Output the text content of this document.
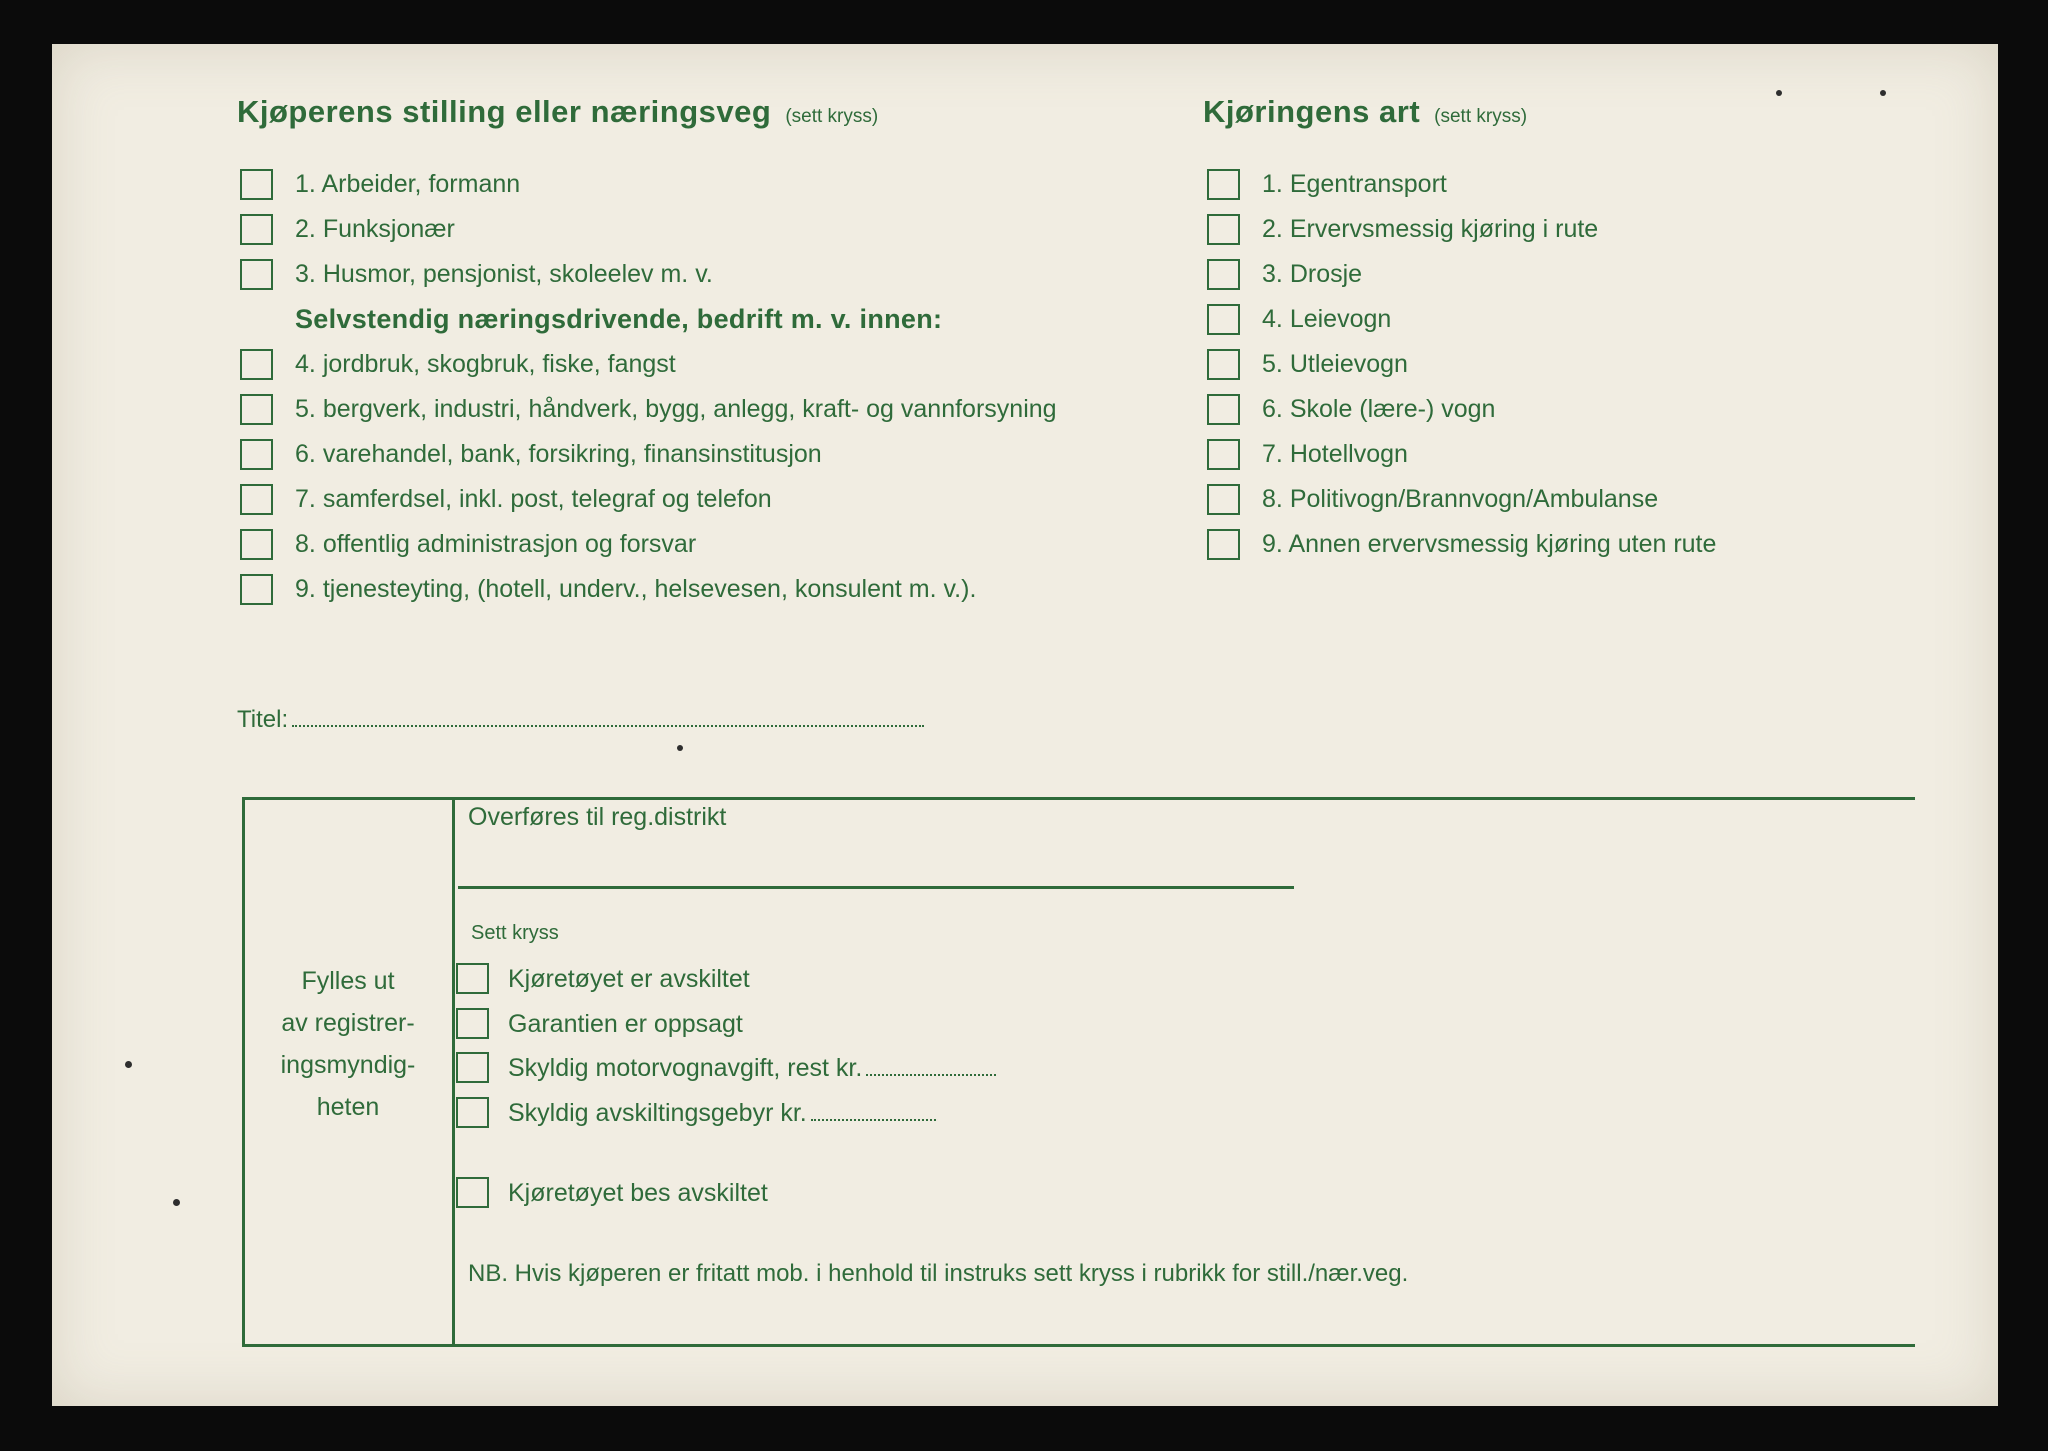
Kjøperens stilling eller næringsveg (sett kryss)	Kjøringens art (sett kryss)
1. Arbeider, formann
2. Funksjonær
3. Husmor, pensjonist, skoleelev m. v.
Selvstendig næringsdrivende, bedrift m. v. innen:
4. jordbruk, skogbruk, fiske, fangst
5. bergverk, industri, håndverk, bygg, anlegg, kraft- og vannforsyning
6. varehandel, bank, forsikring, finansinstitusjon
7. samferdsel, inkl. post, telegraf og telefon
8. offentlig administrasjon og forsvar
9. tjenesteyting, (hotell, underv., helsevesen, konsulent m. v.).
1. Egentransport
2. Ervervsmessig kjøring i rute
3. Drosje
4. Leievogn
5. Utleievogn
6. Skole (lære-) vogn
7. Hotellvogn
8. Politivogn/Brannvogn/Ambulanse
9. Annen ervervsmessig kjøring uten rute
Titel:
Fylles ut
av registrer-
ingsmyndig-
heten
Overføres til reg.distrikt
Sett kryss
Kjøretøyet er avskiltet
Garantien er oppsagt
Skyldig motorvognavgift, rest kr.
Skyldig avskiltingsgebyr kr.
Kjøretøyet bes avskiltet
NB. Hvis kjøperen er fritatt mob. i henhold til instruks sett kryss i rubrikk for still./nær.veg.
